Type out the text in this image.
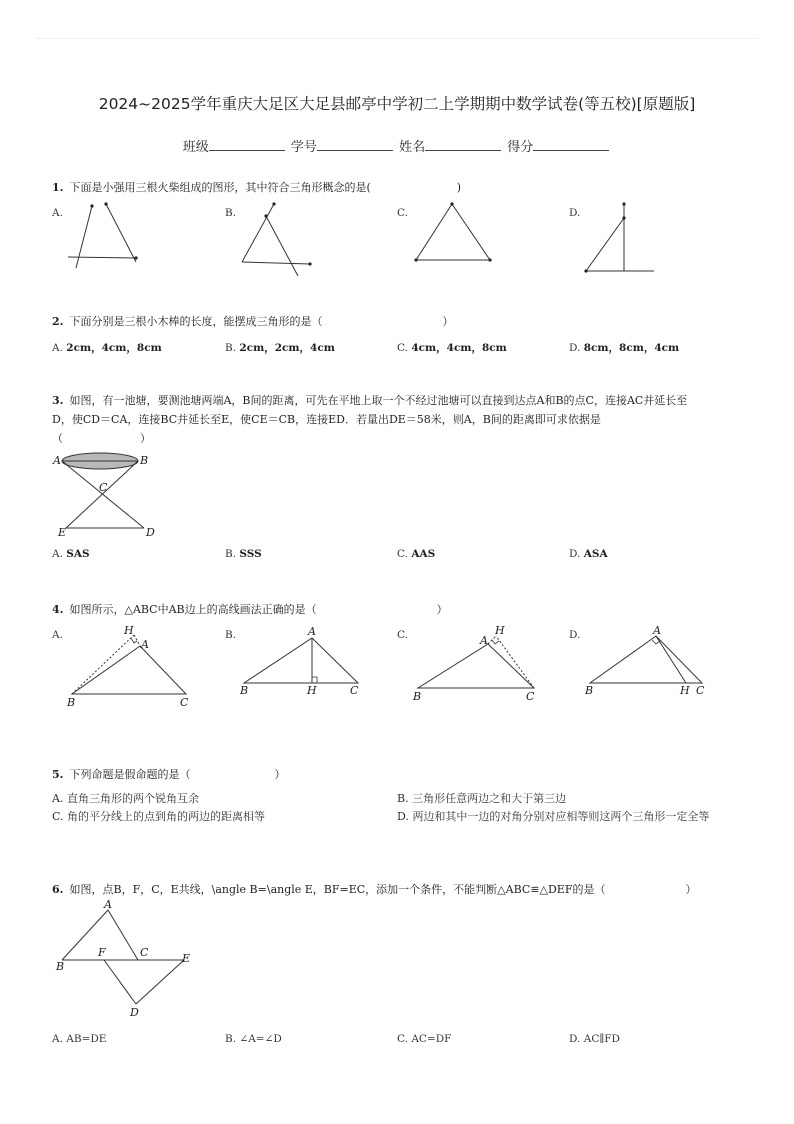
2024~2025学年重庆大足区大足县邮亭中学初二上学期期中数学试卷(等五校)[原题版]
班级	学号	姓名	得分
1. 下面是小强用三根火柴组成的图形，其中符合三角形概念的是(	)
A.	B.	C.	D.
2. 下面分别是三根小木棒的长度，能摆成三角形的是（	）
A. 2cm，4cm，8cm	B. 2cm，2cm，4cm	C. 4cm，4cm，8cm	D. 8cm，8cm，4cm
3. 如图，有一池塘，要测池塘两端A，B间的距离，可先在平地上取一个不经过池塘可以直接到达点A和B的点C，连接AC并延长至
D，使CD＝CA，连接BC并延长至E，使CE＝CB，连接ED．若量出DE＝58米，则A，B间的距离即可求依据是
（　　　　　　　）
A	B
C
E	D
A. SAS	B. SSS	C. AAS	D. ASA
4. 如图所示，△ABC中AB边上的高线画法正确的是（	）
A.	B.	C.	D.
H
A
B	C
A
B	H	C
A
H
B	C
A
B	H C
5. 下列命题是假命题的是（	）
A. 直角三角形的两个锐角互余	B. 三角形任意两边之和大于第三边
C. 角的平分线上的点到角的两边的距离相等	D. 两边和其中一边的对角分别对应相等则这两个三角形一定全等
6. 如图，点B，F，C，E共线，\angle B=\angle E，BF=EC，添加一个条件，不能判断△ABC≌△DEF的是（	）
A
B
F	C	E
D
A. AB=DE	B. ∠A=∠D	C. AC=DF	D. AC∥FD
